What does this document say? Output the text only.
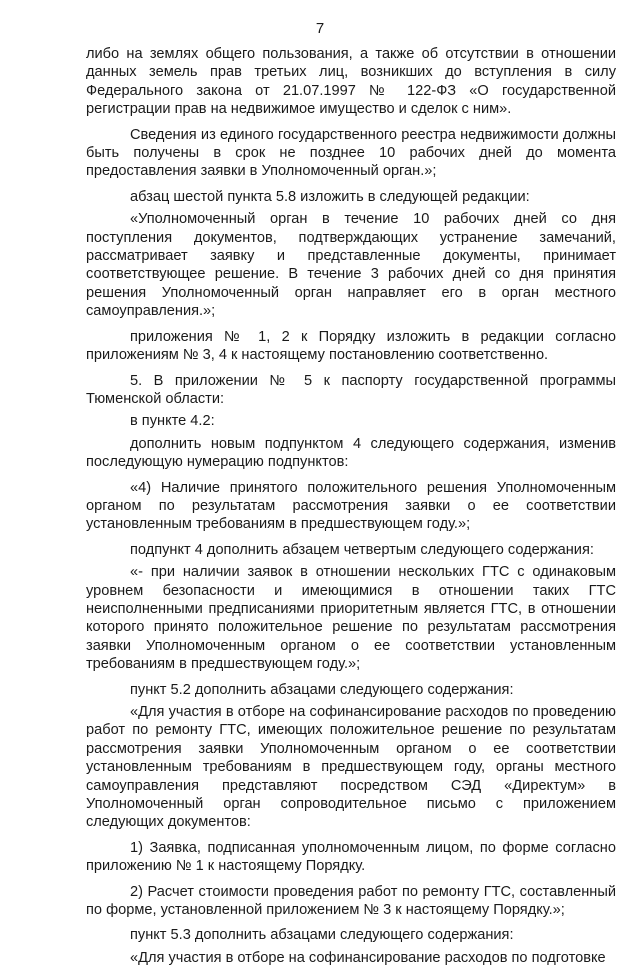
7

либо на землях общего пользования, а также об отсутствии в отношении данных земель прав третьих лиц, возникших до вступления в силу Федерального закона от 21.07.1997 № 122-ФЗ «О государственной регистрации прав на недвижимое имущество и сделок с ним».

Сведения из единого государственного реестра недвижимости должны быть получены в срок не позднее 10 рабочих дней до момента предоставления заявки в Уполномоченный орган.»;

абзац шестой пункта 5.8 изложить в следующей редакции:

«Уполномоченный орган в течение 10 рабочих дней со дня поступления документов, подтверждающих устранение замечаний, рассматривает заявку и представленные документы, принимает соответствующее решение. В течение 3 рабочих дней со дня принятия решения Уполномоченный орган направляет его в орган местного самоуправления.»;

приложения № 1, 2 к Порядку изложить в редакции согласно приложениям № 3, 4 к настоящему постановлению соответственно.

5. В приложении № 5 к паспорту государственной программы Тюменской области:

в пункте 4.2:

дополнить новым подпунктом 4 следующего содержания, изменив последующую нумерацию подпунктов:

«4) Наличие принятого положительного решения Уполномоченным органом по результатам рассмотрения заявки о ее соответствии установленным требованиям в предшествующем году.»;

подпункт 4 дополнить абзацем четвертым следующего содержания:

«- при наличии заявок в отношении нескольких ГТС с одинаковым уровнем безопасности и имеющимися в отношении таких ГТС неисполненными предписаниями приоритетным является ГТС, в отношении которого принято положительное решение по результатам рассмотрения заявки Уполномоченным органом о ее соответствии установленным требованиям в предшествующем году.»;

пункт 5.2 дополнить абзацами следующего содержания:

«Для участия в отборе на софинансирование расходов по проведению работ по ремонту ГТС, имеющих положительное решение по результатам рассмотрения заявки Уполномоченным органом о ее соответствии установленным требованиям в предшествующем году, органы местного самоуправления представляют посредством СЭД «Директум» в Уполномоченный орган сопроводительное письмо с приложением следующих документов:

1) Заявка, подписанная уполномоченным лицом, по форме согласно приложению № 1 к настоящему Порядку.

2) Расчет стоимости проведения работ по ремонту ГТС, составленный по форме, установленной приложением № 3 к настоящему Порядку.»;

пункт 5.3 дополнить абзацами следующего содержания:

«Для участия в отборе на софинансирование расходов по подготовке
